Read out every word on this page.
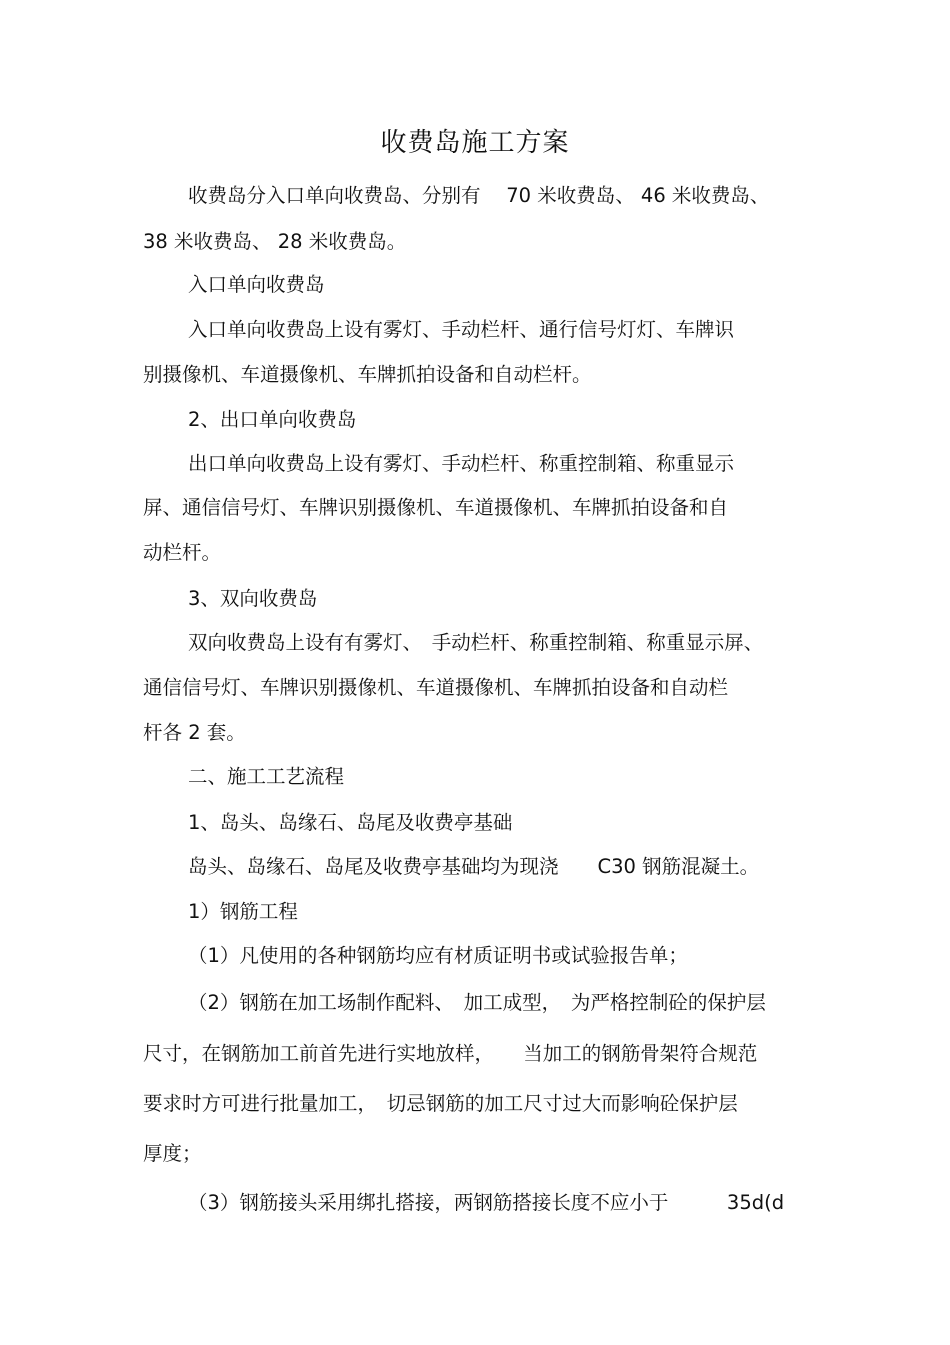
收费岛施工方案
收费岛分入口单向收费岛、分别有　 70 米收费岛、 46 米收费岛、
38 米收费岛、 28 米收费岛。
入口单向收费岛
入口单向收费岛上设有雾灯、手动栏杆、通行信号灯灯、车牌识
别摄像机、车道摄像机、车牌抓拍设备和自动栏杆。
2、出口单向收费岛
出口单向收费岛上设有雾灯、手动栏杆、称重控制箱、称重显示
屏、通信信号灯、车牌识别摄像机、车道摄像机、车牌抓拍设备和自
动栏杆。
3、双向收费岛
双向收费岛上设有有雾灯、　手动栏杆、称重控制箱、称重显示屏、
通信信号灯、车牌识别摄像机、车道摄像机、车牌抓拍设备和自动栏
杆各 2 套。
二、施工工艺流程
1、岛头、岛缘石、岛尾及收费亭基础
岛头、岛缘石、岛尾及收费亭基础均为现浇　　C30 钢筋混凝土。
1）钢筋工程
（1）凡使用的各种钢筋均应有材质证明书或试验报告单；
（2）钢筋在加工场制作配料、　加工成型，　为严格控制砼的保护层
尺寸，在钢筋加工前首先进行实地放样，　　当加工的钢筋骨架符合规范
要求时方可进行批量加工，　切忌钢筋的加工尺寸过大而影响砼保护层
厚度；
（3）钢筋接头采用绑扎搭接，两钢筋搭接长度不应小于　　　35d(d
